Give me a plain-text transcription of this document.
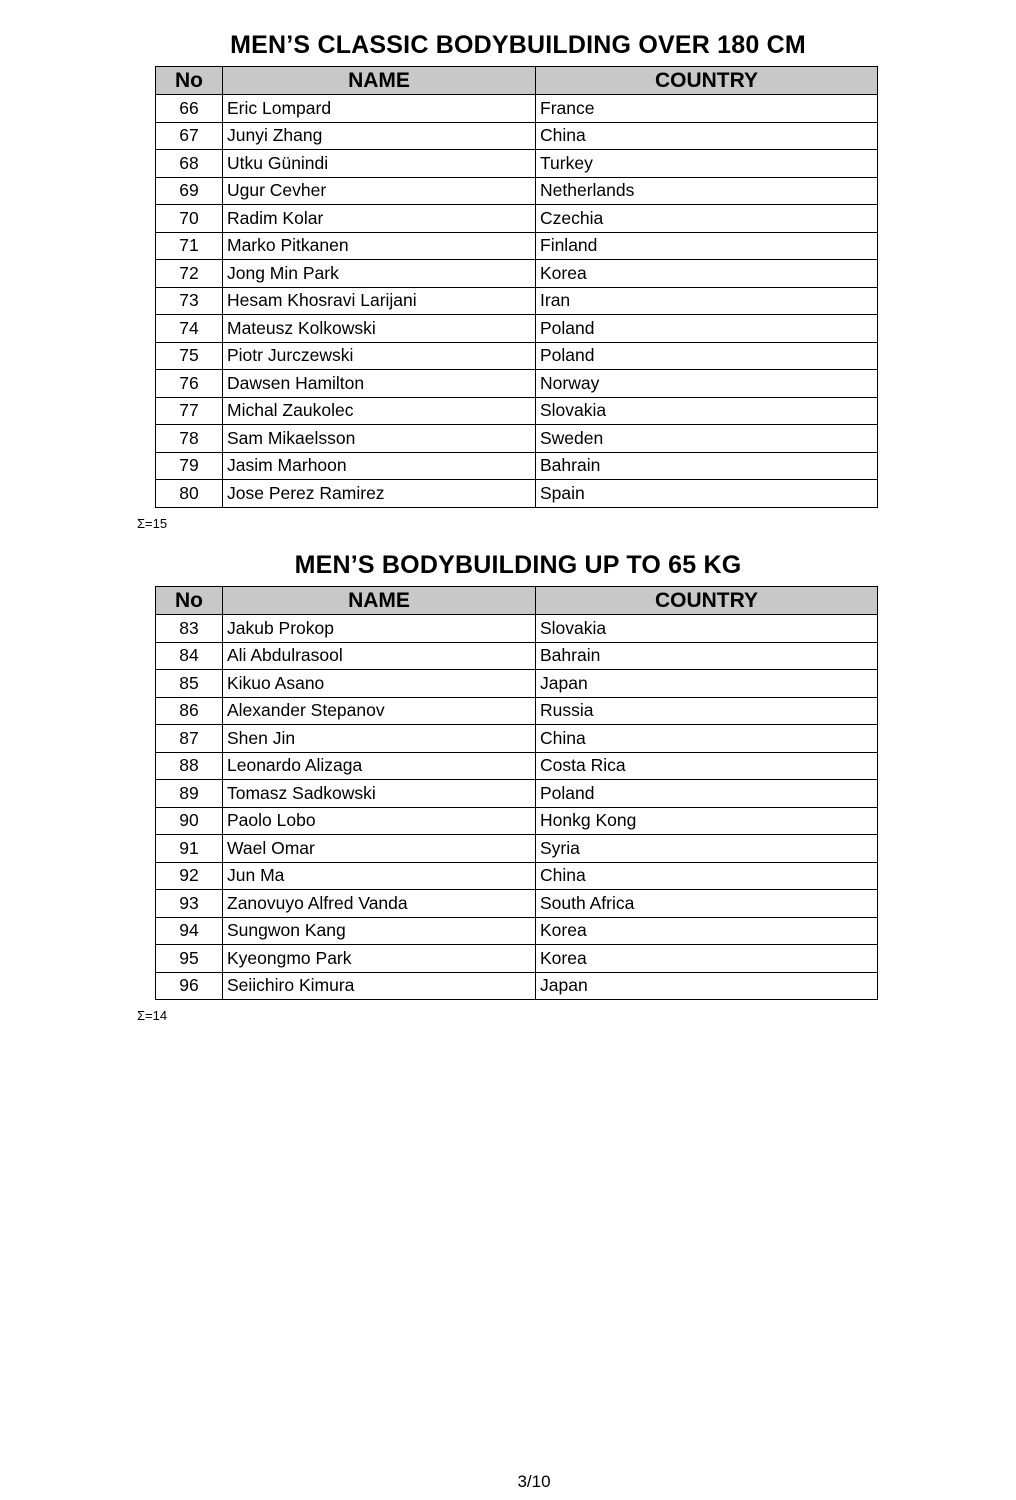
MEN’S CLASSIC BODYBUILDING OVER 180 CM
No	NAME	COUNTRY
66	Eric Lompard	France
67	Junyi Zhang	China
68	Utku Günindi	Turkey
69	Ugur Cevher	Netherlands
70	Radim Kolar	Czechia
71	Marko Pitkanen	Finland
72	Jong Min Park	Korea
73	Hesam Khosravi Larijani	Iran
74	Mateusz Kolkowski	Poland
75	Piotr Jurczewski	Poland
76	Dawsen Hamilton	Norway
77	Michal Zaukolec	Slovakia
78	Sam Mikaelsson	Sweden
79	Jasim Marhoon	Bahrain
80	Jose Perez Ramirez	Spain
Σ=15
MEN’S BODYBUILDING UP TO 65 KG
No	NAME	COUNTRY
83	Jakub Prokop	Slovakia
84	Ali Abdulrasool	Bahrain
85	Kikuo Asano	Japan
86	Alexander Stepanov	Russia
87	Shen Jin	China
88	Leonardo Alizaga	Costa Rica
89	Tomasz Sadkowski	Poland
90	Paolo Lobo	Honkg Kong
91	Wael Omar	Syria
92	Jun Ma	China
93	Zanovuyo Alfred Vanda	South Africa
94	Sungwon Kang	Korea
95	Kyeongmo Park	Korea
96	Seiichiro Kimura	Japan
Σ=14
3/10
